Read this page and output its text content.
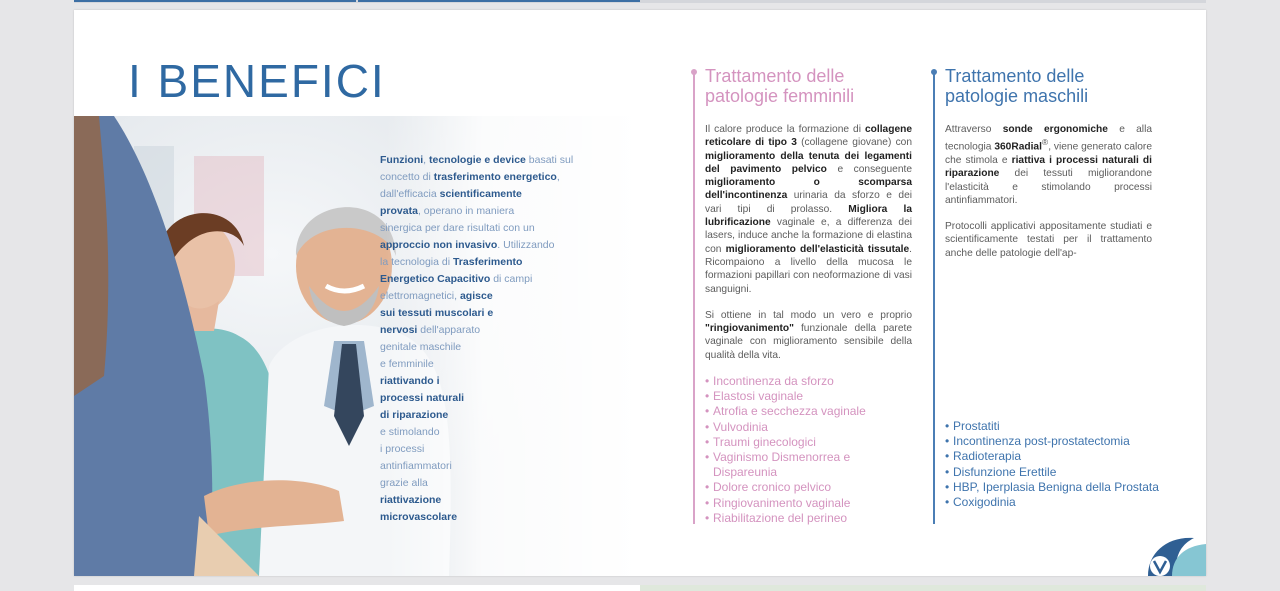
I BENEFICI
Funzioni, tecnologie e device basati sul
concetto di trasferimento energetico,
dall'efficacia scientificamente
provata, operano in maniera
sinergica per dare risultati con un
approccio non invasivo. Utilizzando
la tecnologia di Trasferimento
Energetico Capacitivo di campi
elettromagnetici, agisce
sui tessuti muscolari e
nervosi dell'apparato
genitale maschile
e femminile
riattivando i
processi naturali
di riparazione
e stimolando
i processi
antinfiammatori
grazie alla
riattivazione
microvascolare
Trattamento delle patologie femminili

Il calore produce la formazione di collagene reticolare di tipo 3 (collagene giovane) con miglioramento della tenuta dei legamenti del pavimento pelvico e conseguente miglioramento o scomparsa dell'incontinenza urinaria da sforzo e dei vari tipi di prolasso. Migliora la lubrificazione vaginale e, a differenza dei lasers, induce anche la formazione di elastina con miglioramento dell'elasticità tissutale. Ricompaiono a livello della mucosa le formazioni papillari con neoformazione di vasi sanguigni.

Si ottiene in tal modo un vero e proprio "ringiovanimento" funzionale della parete vaginale con miglioramento sensibile della qualità della vita.

• Incontinenza da sforzo
• Elastosi vaginale
• Atrofia e secchezza vaginale
• Vulvodinia
• Traumi ginecologici
• Vaginismo Dismenorrea e Dispareunia
• Dolore cronico pelvico
• Ringiovanimento vaginale
• Riabilitazione del perineo
Trattamento delle patologie maschili

Attraverso sonde ergonomiche e alla tecnologia 360Radial®, viene generato calore che stimola e riattiva i processi naturali di riparazione dei tessuti migliorandone l'elasticità e stimolando processi antinfiammatori.

Protocolli applicativi appositamente studiati e scientificamente testati per il trattamento anche delle patologie dell'ap-

• Prostatiti
• Incontinenza post-prostatectomia
• Radioterapia
• Disfunzione Erettile
• HBP, Iperplasia Benigna della Prostata
• Coxigodinia
